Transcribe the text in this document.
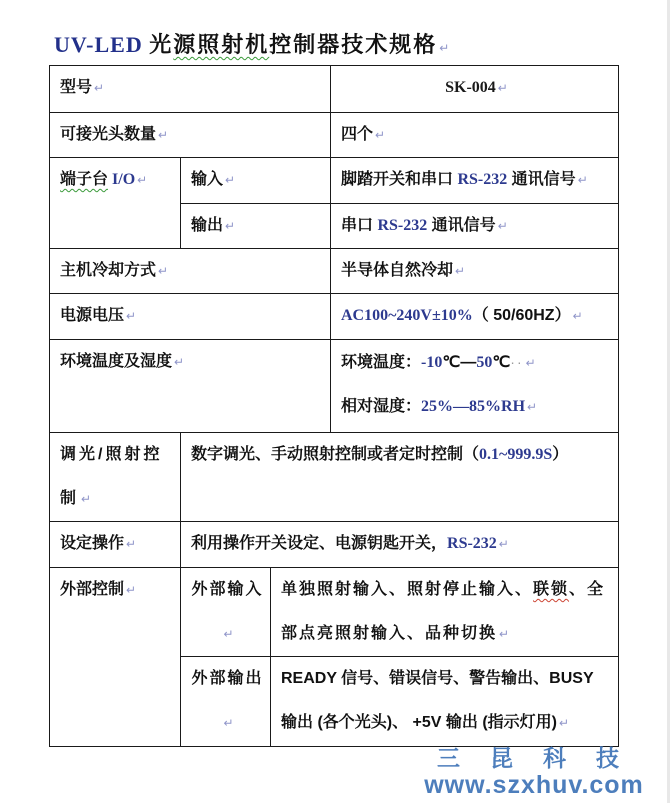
UV-LED 光源照射机控制器技术规格 ↵
型号 ↵			SK-004 ↵
可接光头数量 ↵			四个 ↵
端子台 I/O ↵	输入 ↵		脚踏开关和串口 RS-232 通讯信号 ↵
	输出 ↵		串口 RS-232 通讯信号 ↵
主机冷却方式 ↵			半导体自然冷却 ↵
电源电压 ↵			AC100~240V±10%（ 50/60HZ） ↵
环境温度及湿度 ↵			环境温度：-10℃—50℃·· ↵
相对湿度：25%—85%RH ↵

调光/照射控制 ↵	数字调光、手动照射控制或者定时控制（0.1~999.9S）		
设定操作 ↵	利用操作开关设定、电源钥匙开关，RS-232 ↵		
外部控制 ↵	外部输入↵	单独照射输入、照射停止输入、联锁、全部点亮照射输入、品种切换 ↵	
	外部输出↵	READY 信号、错误信号、警告输出、BUSY 输出 (各个光头)、 +5V 输出 (指示灯用) ↵	
三昆科技
www.szxhuv.com
